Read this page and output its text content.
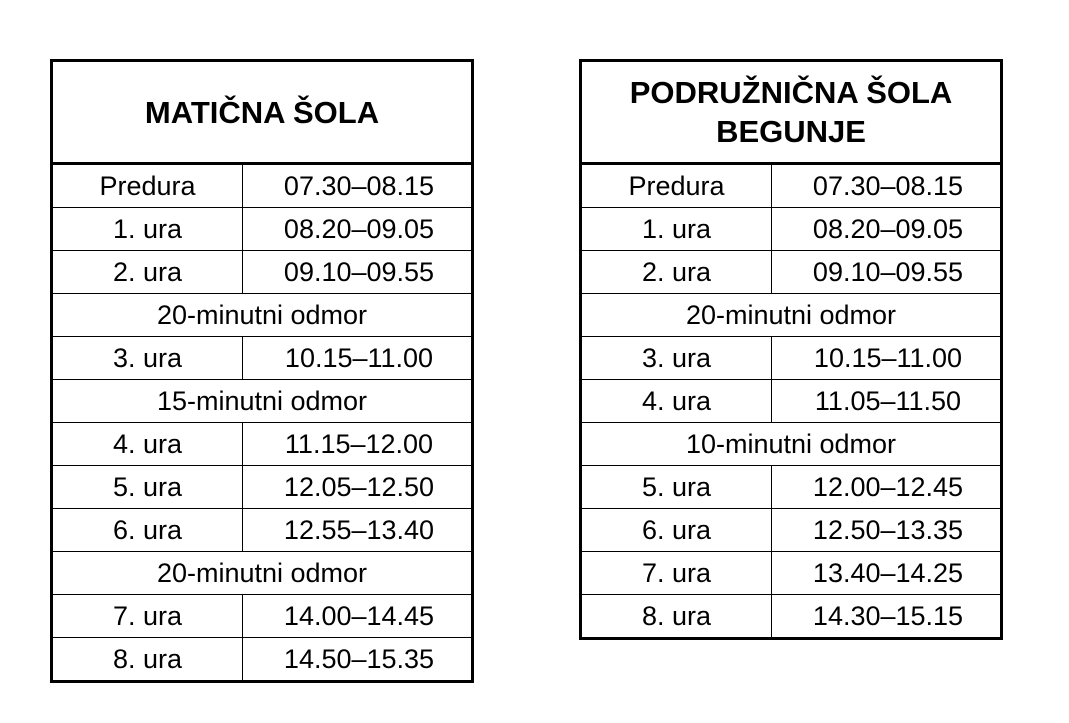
MATIČNA ŠOLA	
Predura	07.30–08.15
1. ura	08.20–09.05
2. ura	09.10–09.55
20-minutni odmor	
3. ura	10.15–11.00
15-minutni odmor	
4. ura	11.15–12.00
5. ura	12.05–12.50
6. ura	12.55–13.40
20-minutni odmor	
7. ura	14.00–14.45
8. ura	14.50–15.35
PODRUŽNIČNA ŠOLA
BEGUNJE	
Predura	07.30–08.15
1. ura	08.20–09.05
2. ura	09.10–09.55
20-minutni odmor	
3. ura	10.15–11.00
4. ura	11.05–11.50
10-minutni odmor	
5. ura	12.00–12.45
6. ura	12.50–13.35
7. ura	13.40–14.25
8. ura	14.30–15.15
